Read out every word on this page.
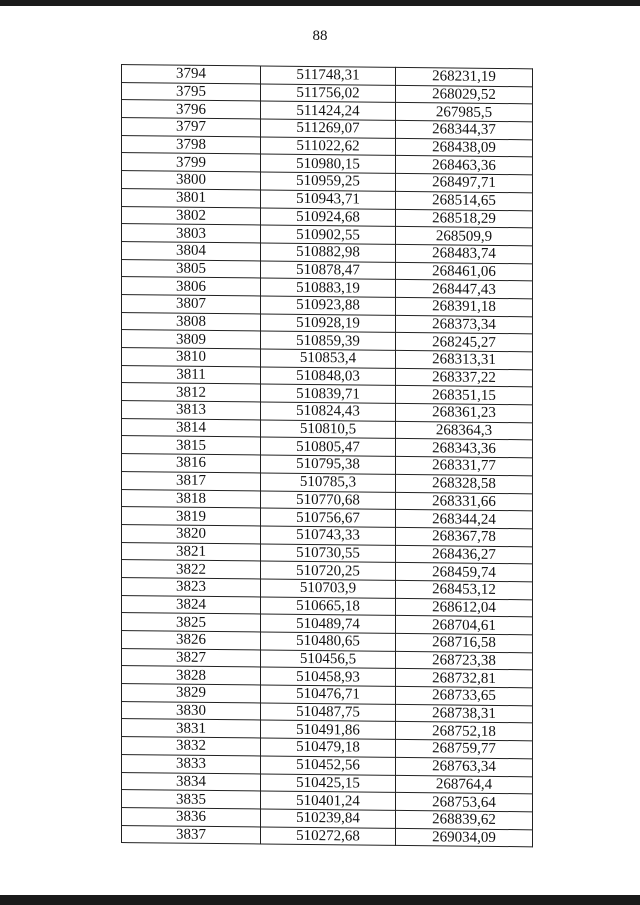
88
3794	511748,31	268231,19
3795	511756,02	268029,52
3796	511424,24	267985,5
3797	511269,07	268344,37
3798	511022,62	268438,09
3799	510980,15	268463,36
3800	510959,25	268497,71
3801	510943,71	268514,65
3802	510924,68	268518,29
3803	510902,55	268509,9
3804	510882,98	268483,74
3805	510878,47	268461,06
3806	510883,19	268447,43
3807	510923,88	268391,18
3808	510928,19	268373,34
3809	510859,39	268245,27
3810	510853,4	268313,31
3811	510848,03	268337,22
3812	510839,71	268351,15
3813	510824,43	268361,23
3814	510810,5	268364,3
3815	510805,47	268343,36
3816	510795,38	268331,77
3817	510785,3	268328,58
3818	510770,68	268331,66
3819	510756,67	268344,24
3820	510743,33	268367,78
3821	510730,55	268436,27
3822	510720,25	268459,74
3823	510703,9	268453,12
3824	510665,18	268612,04
3825	510489,74	268704,61
3826	510480,65	268716,58
3827	510456,5	268723,38
3828	510458,93	268732,81
3829	510476,71	268733,65
3830	510487,75	268738,31
3831	510491,86	268752,18
3832	510479,18	268759,77
3833	510452,56	268763,34
3834	510425,15	268764,4
3835	510401,24	268753,64
3836	510239,84	268839,62
3837	510272,68	269034,09
